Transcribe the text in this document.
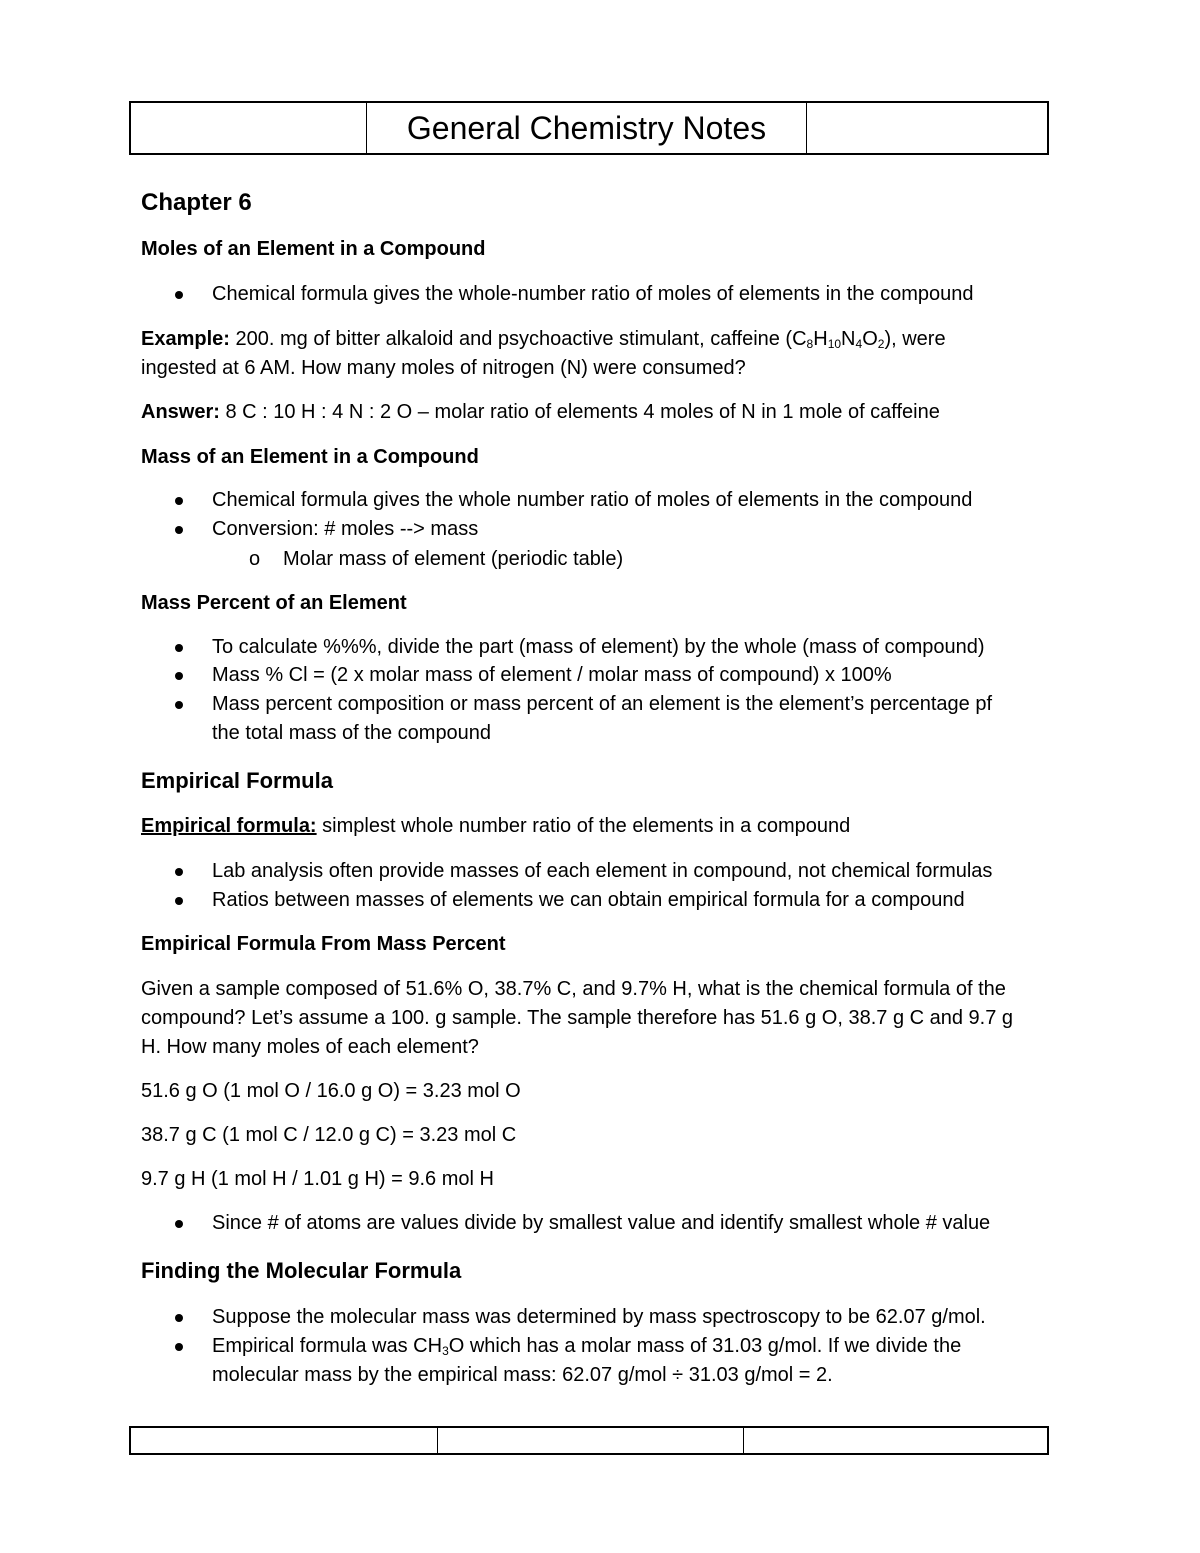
General Chemistry Notes
Chapter 6
Moles of an Element in a Compound
Chemical formula gives the whole-number ratio of moles of elements in the compound
Example: 200. mg of bitter alkaloid and psychoactive stimulant, caffeine $(C_8H_{10}N_4O_2)$, were
ingested at 6 AM. How many moles of nitrogen (N) were consumed?
Answer: 8 C : 10 H : 4 N : 2 O – molar ratio of elements 4 moles of N in 1 mole of caffeine
Mass of an Element in a Compound
Chemical formula gives the whole number ratio of moles of elements in the compound
Conversion: # moles --> mass
o Molar mass of element (periodic table)
Mass Percent of an Element
To calculate %%%, divide the part (mass of element) by the whole (mass of compound)
Mass % Cl = (2 x molar mass of element / molar mass of compound) x 100%
Mass percent composition or mass percent of an element is the element’s percentage pf
the total mass of the compound
Empirical Formula
Empirical formula: simplest whole number ratio of the elements in a compound
Lab analysis often provide masses of each element in compound, not chemical formulas
Ratios between masses of elements we can obtain empirical formula for a compound
Empirical Formula From Mass Percent
Given a sample composed of 51.6% O, 38.7% C, and 9.7% H, what is the chemical formula of the
compound? Let’s assume a 100. g sample. The sample therefore has 51.6 g O, 38.7 g C and 9.7 g
H. How many moles of each element?
51.6 g O (1 mol O / 16.0 g O) = 3.23 mol O
38.7 g C (1 mol C / 12.0 g C) = 3.23 mol C
9.7 g H (1 mol H / 1.01 g H) = 9.6 mol H
Since # of atoms are values divide by smallest value and identify smallest whole # value
Finding the Molecular Formula
Suppose the molecular mass was determined by mass spectroscopy to be 62.07 g/mol.
Empirical formula was $CH_3O$ which has a molar mass of 31.03 g/mol. If we divide the
molecular mass by the empirical mass: 62.07 g/mol ÷ 31.03 g/mol = 2.
